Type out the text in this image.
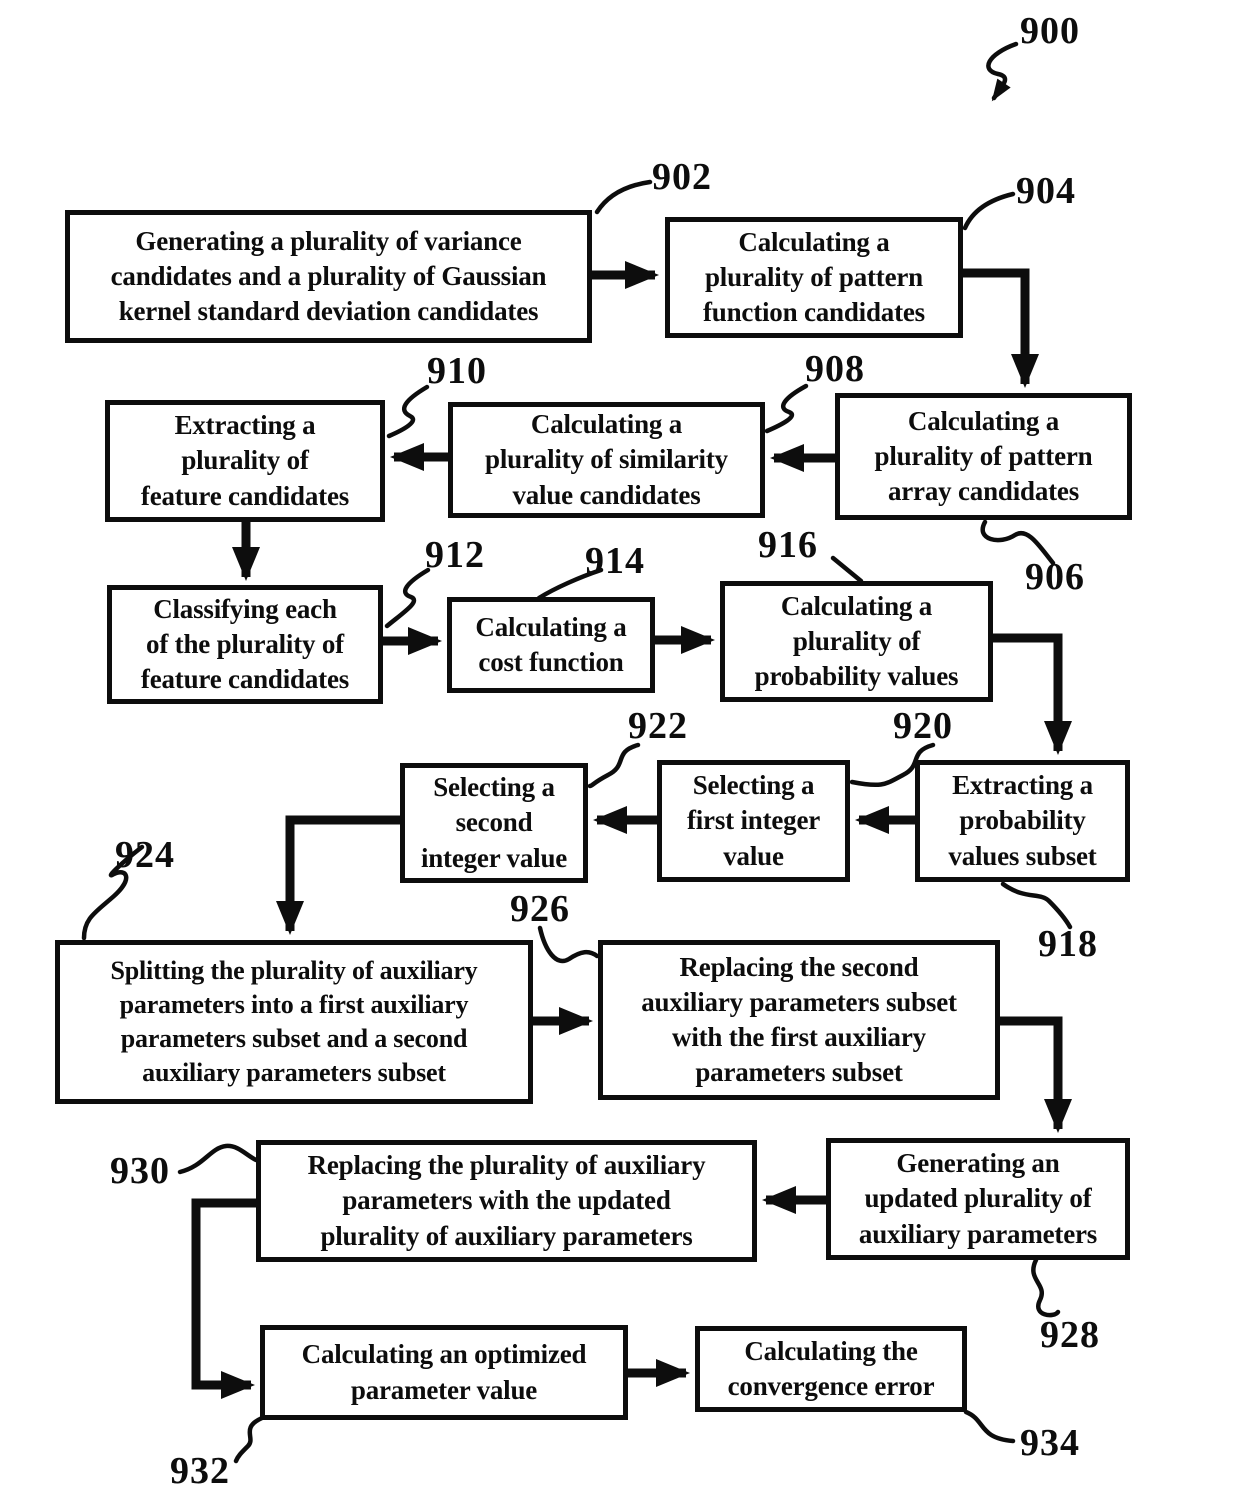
Generating a plurality of variance
candidates and a plurality of Gaussian
kernel standard deviation candidates
Calculating a
plurality of pattern
function candidates
Calculating a
plurality of pattern
array candidates
Calculating a
plurality of similarity
value candidates
Extracting a
plurality of
feature candidates
Classifying each
of the plurality of
feature candidates
Calculating a
cost function
Calculating a
plurality of
probability values
Extracting a
probability
values subset
Selecting a
first integer
value
Selecting a
second
integer value
Splitting the plurality of auxiliary
parameters into a first auxiliary
parameters subset and a second
auxiliary parameters subset
Replacing the second
auxiliary parameters subset
with the first auxiliary
parameters subset
Generating an
updated plurality of
auxiliary parameters
Replacing the plurality of auxiliary
parameters with the updated
plurality of auxiliary parameters
Calculating an optimized
parameter value
Calculating the
convergence error
900
902	904
910	908
906
912	914	916
922	920
918
924
926
930
928
932
934
